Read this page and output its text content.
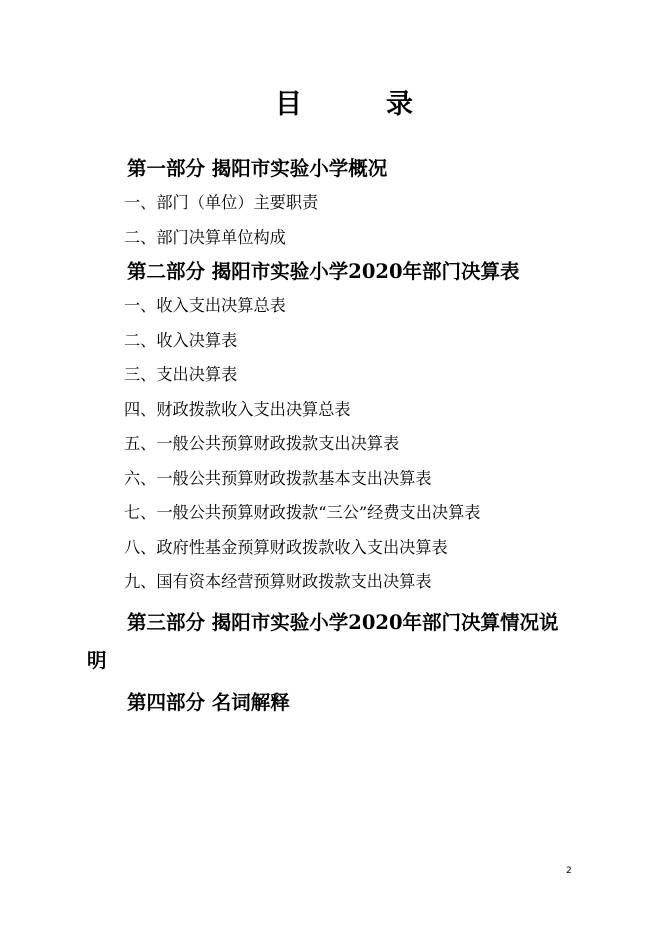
目	录

第一部分 揭阳市实验小学概况

一、部门（单位）主要职责

二、部门决算单位构成

第二部分 揭阳市实验小学2020年部门决算表

一、收入支出决算总表

二、收入决算表

三、支出决算表

四、财政拨款收入支出决算总表

五、一般公共预算财政拨款支出决算表

六、一般公共预算财政拨款基本支出决算表

七、一般公共预算财政拨款“三公”经费支出决算表

八、政府性基金预算财政拨款收入支出决算表

九、国有资本经营预算财政拨款支出决算表

第三部分 揭阳市实验小学2020年部门决算情况说明

第四部分 名词解释

2
